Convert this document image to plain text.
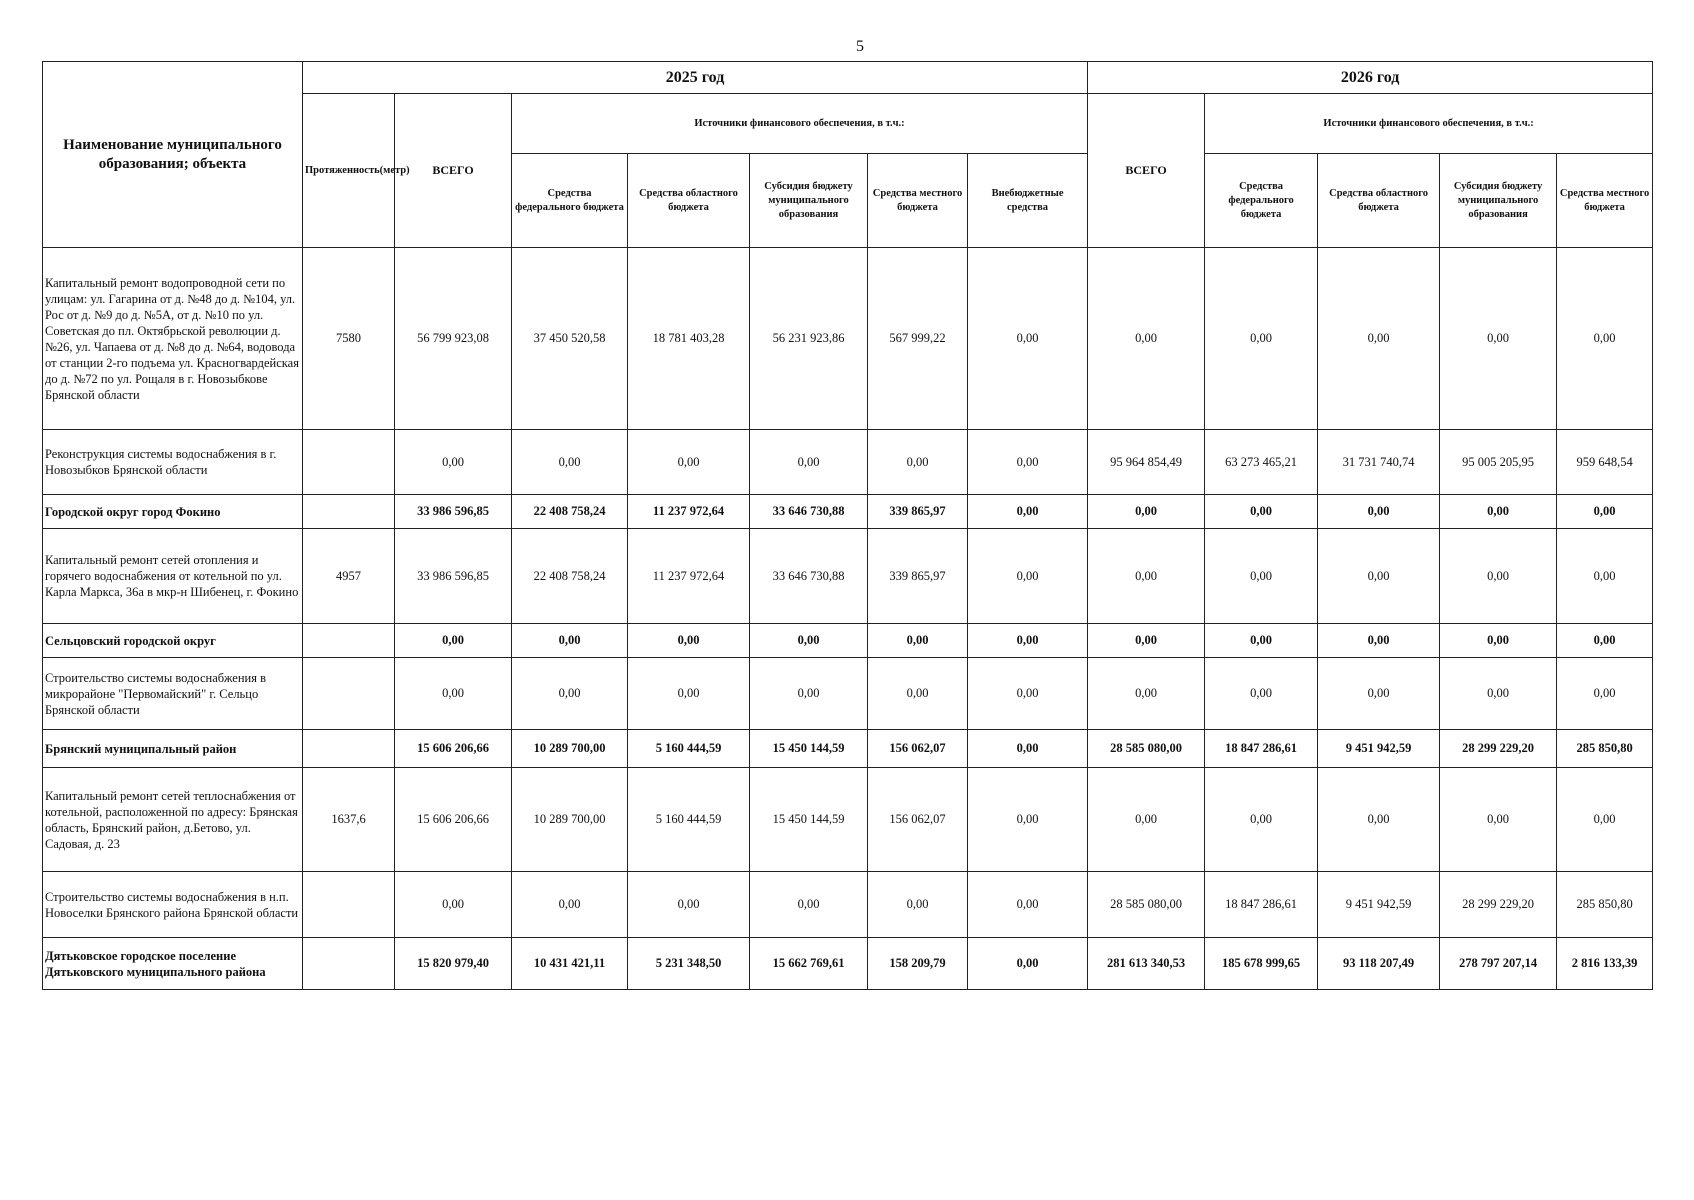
5
Наименование муниципального образования; объекта	2025 год							2026 год				
	Протяженность(метр)	ВСЕГО	Источники финансового обеспечения, в т.ч.:					ВСЕГО	Источники финансового обеспечения, в т.ч.:			
			Средства федерального бюджета	Средства областного бюджета	Субсидия бюджету муниципального образования	Средства местного бюджета	Внебюджетные средства		Средства федерального бюджета	Средства областного бюджета	Субсидия бюджету муниципального образования	Средства местного бюджета
Капитальный ремонт водопроводной сети по улицам: ул. Гагарина от д. №48 до д. №104, ул. Рос от д. №9 до д. №5А, от д. №10 по ул. Советская до пл. Октябрьской революции д. №26, ул. Чапаева от д. №8 до д. №64, водовода от станции 2-го подъема ул. Красногвардейская до д. №72 по ул. Рощаля в г. Новозыбкове Брянской области	7580	56 799 923,08	37 450 520,58	18 781 403,28	56 231 923,86	567 999,22	0,00	0,00	0,00	0,00	0,00	0,00
Реконструкция системы водоснабжения в г. Новозыбков Брянской области		0,00	0,00	0,00	0,00	0,00	0,00	95 964 854,49	63 273 465,21	31 731 740,74	95 005 205,95	959 648,54
Городской округ город Фокино		33 986 596,85	22 408 758,24	11 237 972,64	33 646 730,88	339 865,97	0,00	0,00	0,00	0,00	0,00	0,00
Капитальный ремонт сетей отопления и горячего водоснабжения от котельной по ул. Карла Маркса, 36а в мкр-н Шибенец, г. Фокино	4957	33 986 596,85	22 408 758,24	11 237 972,64	33 646 730,88	339 865,97	0,00	0,00	0,00	0,00	0,00	0,00
Сельцовский городской округ		0,00	0,00	0,00	0,00	0,00	0,00	0,00	0,00	0,00	0,00	0,00
Строительство системы водоснабжения в микрорайоне "Первомайский" г. Сельцо Брянской области		0,00	0,00	0,00	0,00	0,00	0,00	0,00	0,00	0,00	0,00	0,00
Брянский муниципальный район		15 606 206,66	10 289 700,00	5 160 444,59	15 450 144,59	156 062,07	0,00	28 585 080,00	18 847 286,61	9 451 942,59	28 299 229,20	285 850,80
Капитальный ремонт сетей теплоснабжения от котельной, расположенной по адресу: Брянская область, Брянский район, д.Бетово, ул. Садовая, д. 23	1637,6	15 606 206,66	10 289 700,00	5 160 444,59	15 450 144,59	156 062,07	0,00	0,00	0,00	0,00	0,00	0,00
Строительство системы водоснабжения в н.п. Новоселки Брянского района Брянской области		0,00	0,00	0,00	0,00	0,00	0,00	28 585 080,00	18 847 286,61	9 451 942,59	28 299 229,20	285 850,80
Дятьковское городское поселение Дятьковского муниципального района		15 820 979,40	10 431 421,11	5 231 348,50	15 662 769,61	158 209,79	0,00	281 613 340,53	185 678 999,65	93 118 207,49	278 797 207,14	2 816 133,39
